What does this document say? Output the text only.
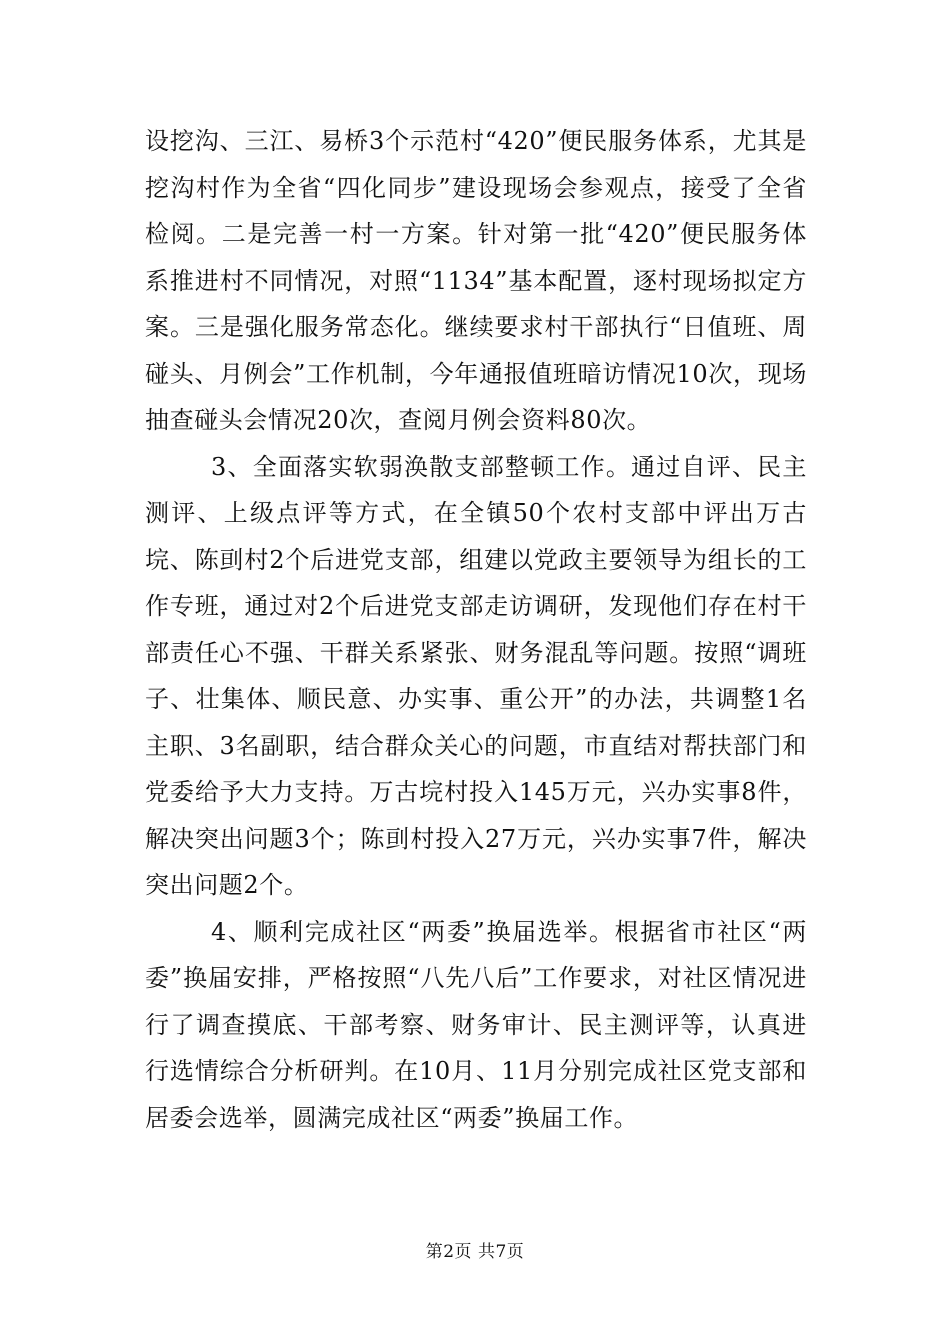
设挖沟、三江、易桥3个示范村“420”便民服务体系，尤其是挖沟村作为全省“四化同步”建设现场会参观点，接受了全省检阅。二是完善一村一方案。针对第一批“420”便民服务体系推进村不同情况，对照“1134”基本配置，逐村现场拟定方案。三是强化服务常态化。继续要求村干部执行“日值班、周碰头、月例会”工作机制，今年通报值班暗访情况10次，现场抽查碰头会情况20次，查阅月例会资料80次。

3、全面落实软弱涣散支部整顿工作。通过自评、民主测评、上级点评等方式，在全镇50个农村支部中评出万古垸、陈刯村2个后进党支部，组建以党政主要领导为组长的工作专班，通过对2个后进党支部走访调研，发现他们存在村干部责任心不强、干群关系紧张、财务混乱等问题。按照“调班子、壮集体、顺民意、办实事、重公开”的办法，共调整1名主职、3名副职，结合群众关心的问题，市直结对帮扶部门和党委给予大力支持。万古垸村投入145万元，兴办实事8件，解决突出问题3个；陈刯村投入27万元，兴办实事7件，解决突出问题2个。

4、顺利完成社区“两委”换届选举。根据省市社区“两委”换届安排，严格按照“八先八后”工作要求，对社区情况进行了调查摸底、干部考察、财务审计、民主测评等，认真进行选情综合分析研判。在10月、11月分别完成社区党支部和居委会选举，圆满完成社区“两委”换届工作。

第2页 共7页
